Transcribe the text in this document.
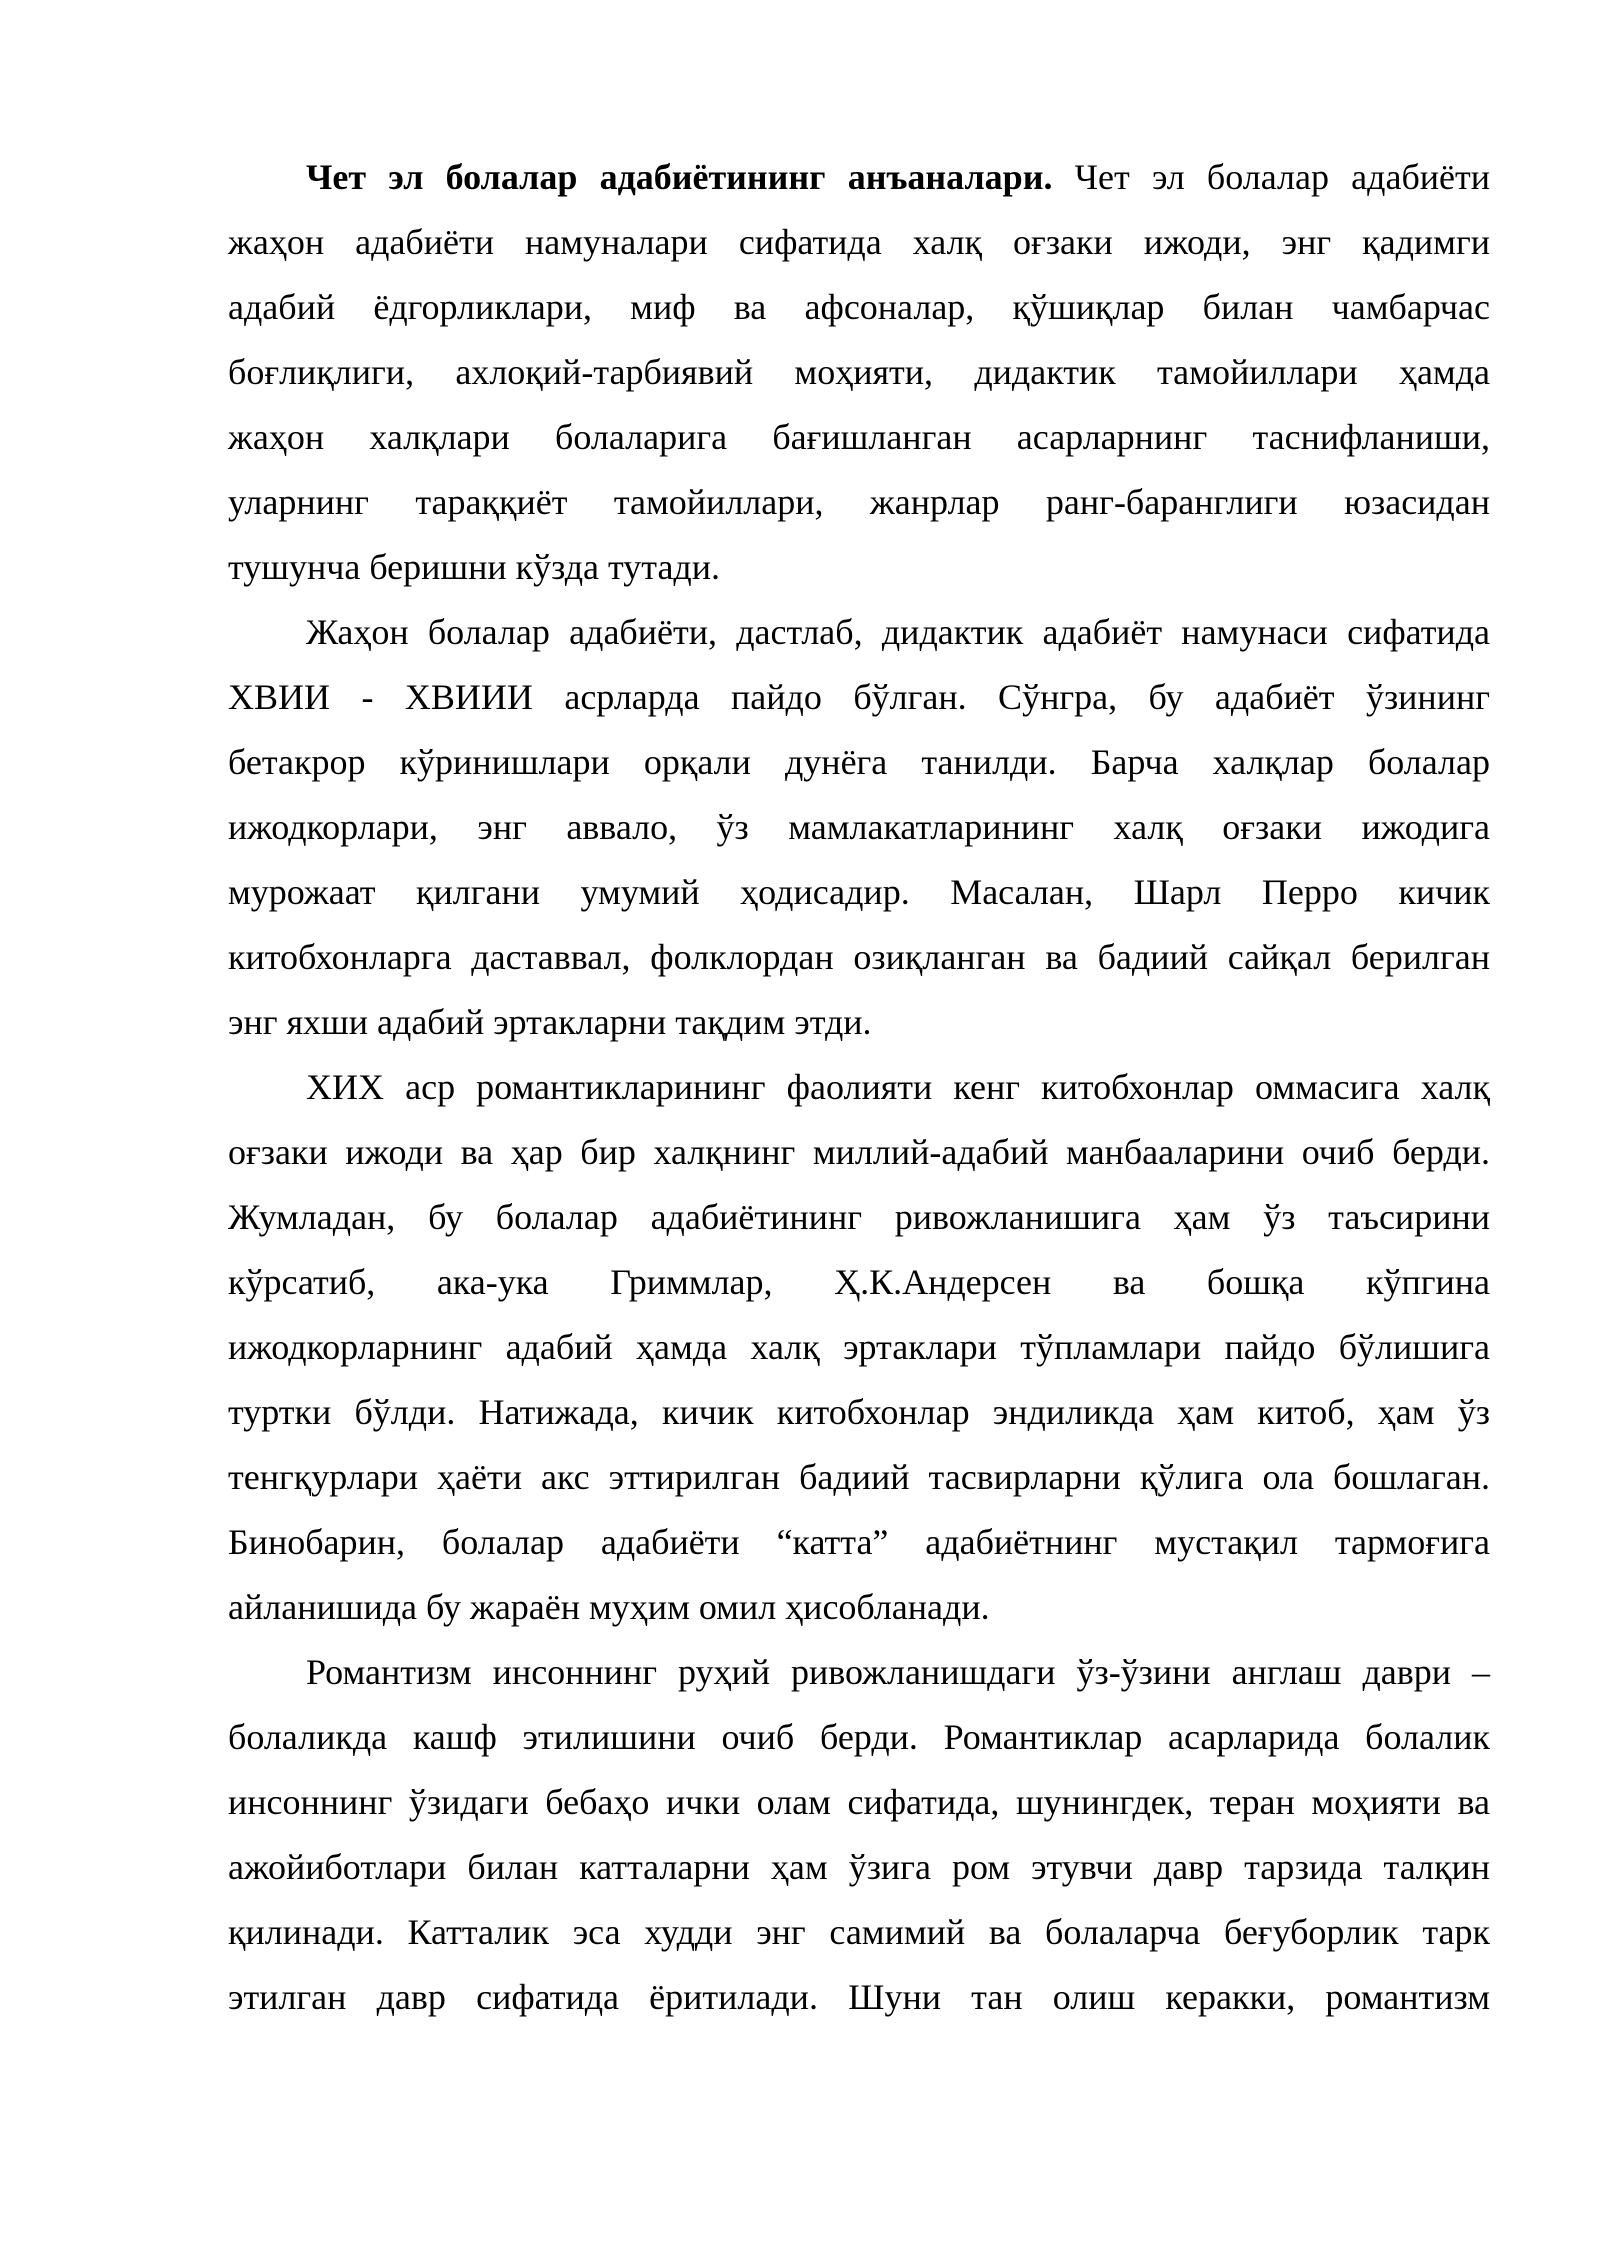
Чет эл болалар адабиётининг анъаналари. Чет эл болалар адабиёти
жаҳон адабиёти намуналари сифатида халқ оғзаки ижоди, энг қадимги
адабий ёдгорликлари, миф ва афсоналар, қўшиқлар билан чамбарчас
боғлиқлиги, ахлоқий-тарбиявий моҳияти, дидактик тамойиллари ҳамда
жаҳон халқлари болаларига бағишланган асарларнинг таснифланиши,
уларнинг тараққиёт тамойиллари, жанрлар ранг-баранглиги юзасидан
тушунча беришни кўзда тутади.
Жаҳон болалар адабиёти, дастлаб, дидактик адабиёт намунаси сифатида
ХВИИ - ХВИИИ асрларда пайдо бўлган. Сўнгра, бу адабиёт ўзининг
бетакрор кўринишлари орқали дунёга танилди. Барча халқлар болалар
ижодкорлари, энг аввало, ўз мамлакатларининг халқ оғзаки ижодига
мурожаат қилгани умумий ҳодисадир. Масалан, Шарл Перро кичик
китобхонларга даставвал, фолклордан озиқланган ва бадиий сайқал берилган
энг яхши адабий эртакларни тақдим этди.
ХИХ аср романтикларининг фаолияти кенг китобхонлар оммасига халқ
оғзаки ижоди ва ҳар бир халқнинг миллий-адабий манбааларини очиб берди.
Жумладан, бу болалар адабиётининг ривожланишига ҳам ўз таъсирини
кўрсатиб, ака-ука Гриммлар, Ҳ.К.Андерсен ва бошқа кўпгина
ижодкорларнинг адабий ҳамда халқ эртаклари тўпламлари пайдо бўлишига
туртки бўлди. Натижада, кичик китобхонлар эндиликда ҳам китоб, ҳам ўз
тенгқурлари ҳаёти акс эттирилган бадиий тасвирларни қўлига ола бошлаган.
Бинобарин, болалар адабиёти “катта” адабиётнинг мустақил тармоғига
айланишида бу жараён муҳим омил ҳисобланади.
Романтизм инсоннинг руҳий ривожланишдаги ўз-ўзини англаш даври –
болаликда кашф этилишини очиб берди. Романтиклар асарларида болалик
инсоннинг ўзидаги бебаҳо ички олам сифатида, шунингдек, теран моҳияти ва
ажойиботлари билан катталарни ҳам ўзига ром этувчи давр тарзида талқин
қилинади. Катталик эса худди энг самимий ва болаларча беғуборлик тарк
этилган давр сифатида ёритилади. Шуни тан олиш керакки, романтизм
